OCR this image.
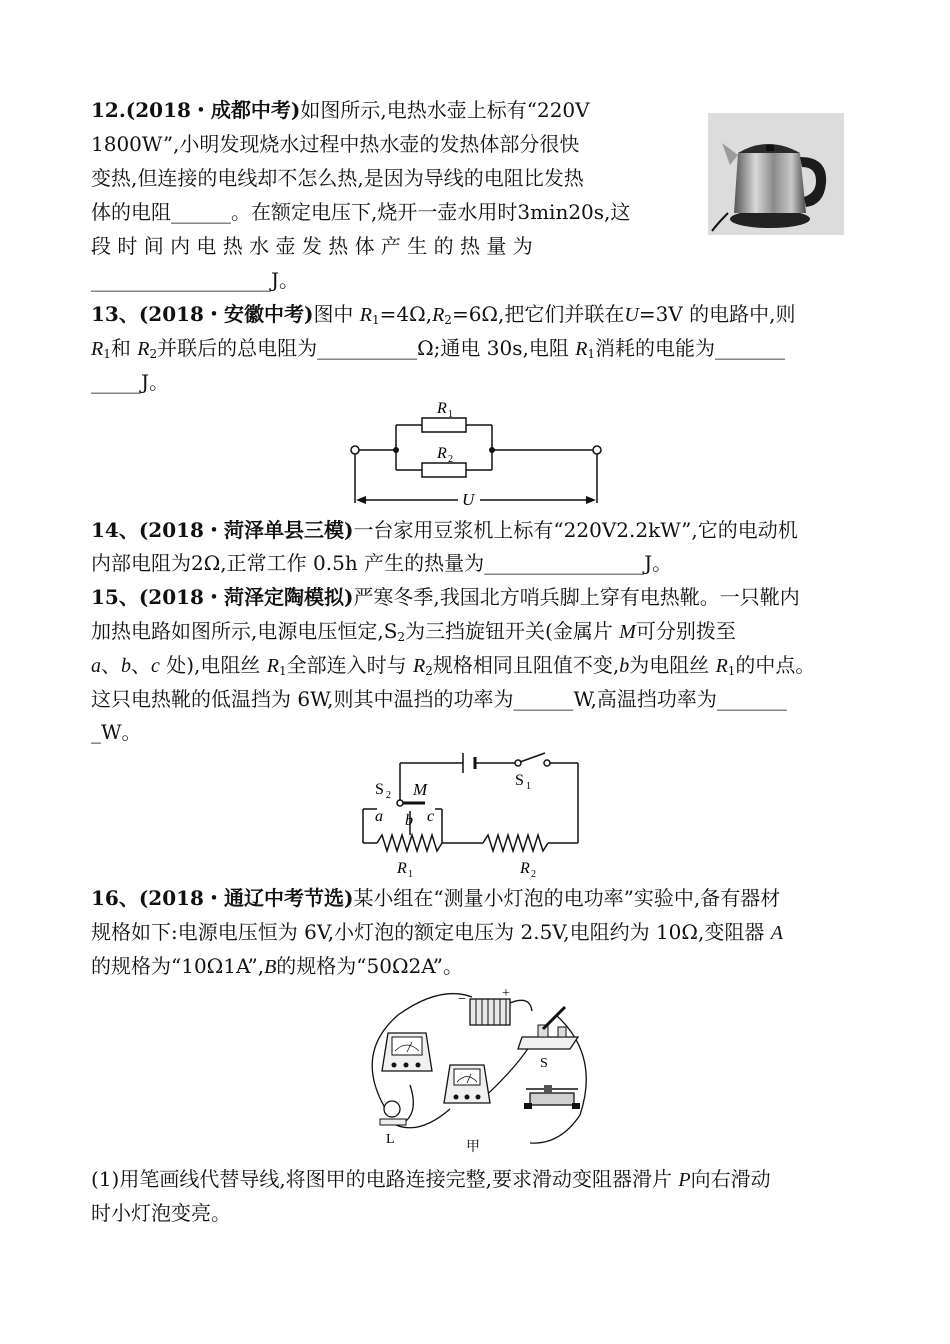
12.(2018・成都中考)如图所示,电热水壶上标有“220V
1800W”,小明发现烧水过程中热水壶的发热体部分很快
变热,但连接的电线却不怎么热,是因为导线的电阻比发热
体的电阻______。在额定电压下,烧开一壶水用时3min20s,这
段 时 间 内 电 热 水 壶 发 热 体 产 生 的 热 量 为
__________________J。
13、(2018・安徽中考)图中 $R_1=4\Omega,R_2=6\Omega$,把它们并联在U=3V 的电路中,则
$R_1$和 $R_2$并联后的总电阻为__________Ω;通电 30s,电阻 $R_1$消耗的电能为_______
_____J。
R 1
R 2
U
14、(2018・菏泽单县三模)一台家用豆浆机上标有“220V2.2kW”,它的电动机
内部电阻为2Ω,正常工作 0.5h 产生的热量为________________J。
15、(2018・菏泽定陶模拟)严寒冬季,我国北方哨兵脚上穿有电热靴。一只靴内
加热电路如图所示,电源电压恒定$,S_2$为三挡旋钮开关(金属片 M可分别拨至
a、b、c 处),电阻丝 $R_1$全部连入时与 $R_2$规格相同且阻值不变,b为电阻丝 $R_1$的中点。
这只电热靴的低温挡为 6W,则其中温挡的功率为______W,高温挡功率为_______
_W。
S 2
S 1
M
a b c
R 1	R 2
16、(2018・通辽中考节选)某小组在“测量小灯泡的电功率”实验中,备有器材
规格如下:电源电压恒为 6V,小灯泡的额定电压为 2.5V,电阻约为 10Ω,变阻器 A
的规格为“10Ω1A”,B的规格为“50Ω2A”。
−	+
S
L
甲
(1)用笔画线代替导线,将图甲的电路连接完整,要求滑动变阻器滑片 P向右滑动
时小灯泡变亮。
